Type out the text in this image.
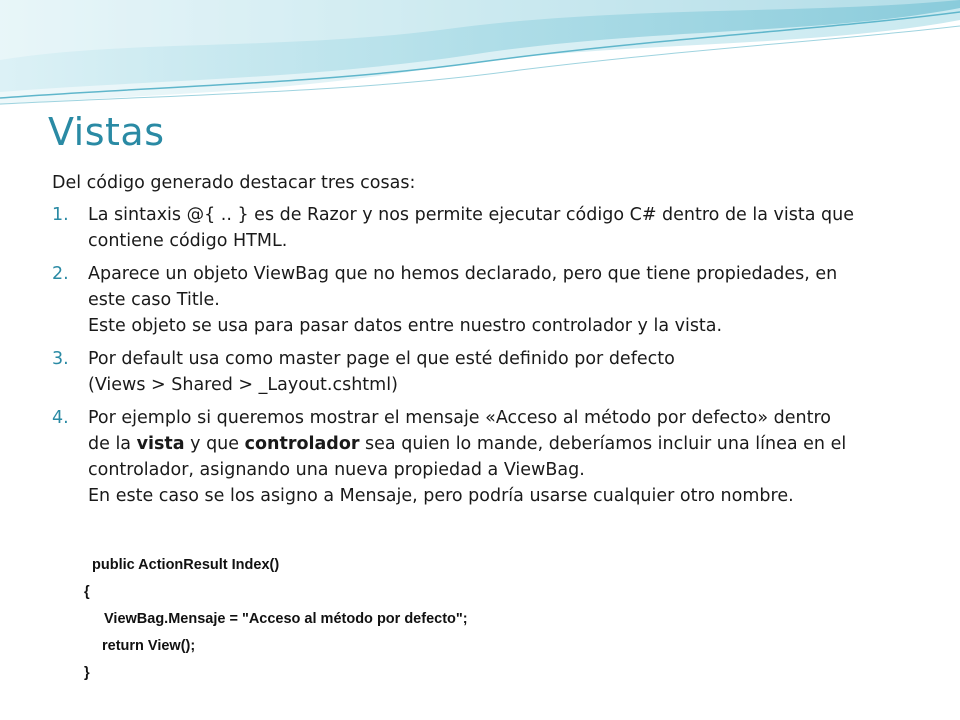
Vistas

Del código generado destacar tres cosas:

1. La sintaxis @{ .. } es de Razor y nos permite ejecutar código C# dentro de la vista que
contiene código HTML.
2. Aparece un objeto ViewBag que no hemos declarado, pero que tiene propiedades, en
este caso Title.
Este objeto se usa para pasar datos entre nuestro controlador y la vista.
3. Por default usa como master page el que esté definido por defecto
(Views > Shared > _Layout.cshtml)
4. Por ejemplo si queremos mostrar el mensaje «Acceso al método por defecto» dentro
de la vista y que controlador sea quien lo mande, deberíamos incluir una línea en el
controlador, asignando una nueva propiedad a ViewBag.
En este caso se los asigno a Mensaje, pero podría usarse cualquier otro nombre.
public ActionResult Index()
{
ViewBag.Mensaje = "Acceso al método por defecto";
return View();
}
